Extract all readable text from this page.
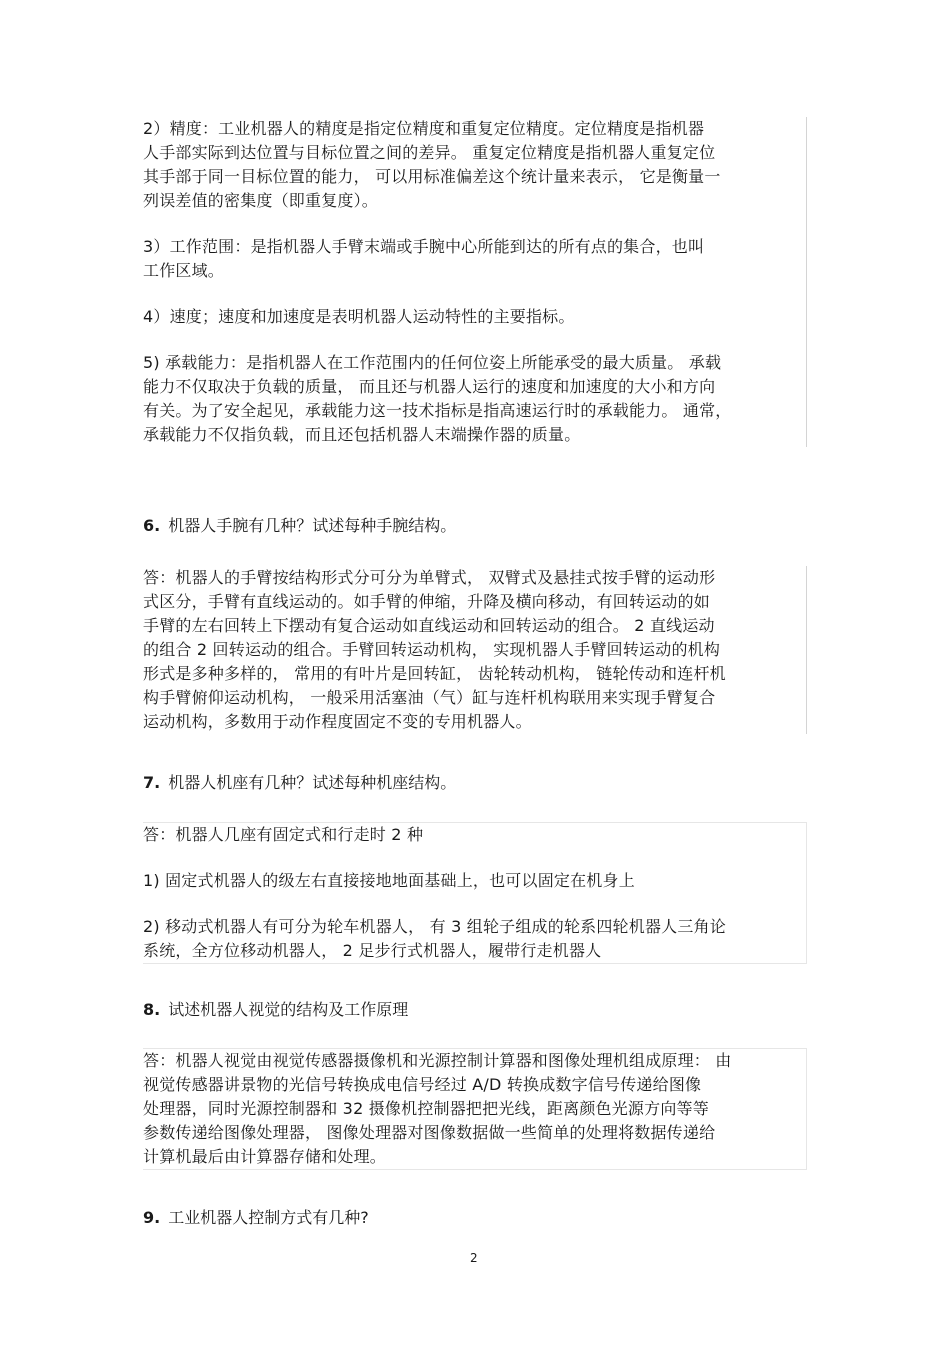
2）精度：工业机器人的精度是指定位精度和重复定位精度。定位精度是指机器
人手部实际到达位置与目标位置之间的差异。 重复定位精度是指机器人重复定位
其手部于同一目标位置的能力， 可以用标准偏差这个统计量来表示， 它是衡量一
列误差值的密集度（即重复度）。
3）工作范围：是指机器人手臂末端或手腕中心所能到达的所有点的集合，也叫
工作区域。
4）速度；速度和加速度是表明机器人运动特性的主要指标。
5) 承载能力：是指机器人在工作范围内的任何位姿上所能承受的最大质量。 承载
能力不仅取决于负载的质量， 而且还与机器人运行的速度和加速度的大小和方向
有关。为了安全起见，承载能力这一技术指标是指高速运行时的承载能力。 通常，
承载能力不仅指负载，而且还包括机器人末端操作器的质量。
6. 机器人手腕有几种？试述每种手腕结构。
答：机器人的手臂按结构形式分可分为单臂式， 双臂式及悬挂式按手臂的运动形
式区分，手臂有直线运动的。如手臂的伸缩，升降及横向移动，有回转运动的如
手臂的左右回转上下摆动有复合运动如直线运动和回转运动的组合。 2 直线运动
的组合 2 回转运动的组合。手臂回转运动机构， 实现机器人手臂回转运动的机构
形式是多种多样的， 常用的有叶片是回转缸， 齿轮转动机构， 链轮传动和连杆机
构手臂俯仰运动机构， 一般采用活塞油（气）缸与连杆机构联用来实现手臂复合
运动机构，多数用于动作程度固定不变的专用机器人。
7. 机器人机座有几种？试述每种机座结构。
答：机器人几座有固定式和行走时 2 种
1) 固定式机器人的级左右直接接地地面基础上，也可以固定在机身上
2) 移动式机器人有可分为轮车机器人， 有 3 组轮子组成的轮系四轮机器人三角论
系统，全方位移动机器人， 2 足步行式机器人，履带行走机器人
8. 试述机器人视觉的结构及工作原理
答：机器人视觉由视觉传感器摄像机和光源控制计算器和图像处理机组成原理： 由
视觉传感器讲景物的光信号转换成电信号经过 A/D 转换成数字信号传递给图像
处理器，同时光源控制器和 32 摄像机控制器把把光线，距离颜色光源方向等等
参数传递给图像处理器， 图像处理器对图像数据做一些简单的处理将数据传递给
计算机最后由计算器存储和处理。
9. 工业机器人控制方式有几种?
2
